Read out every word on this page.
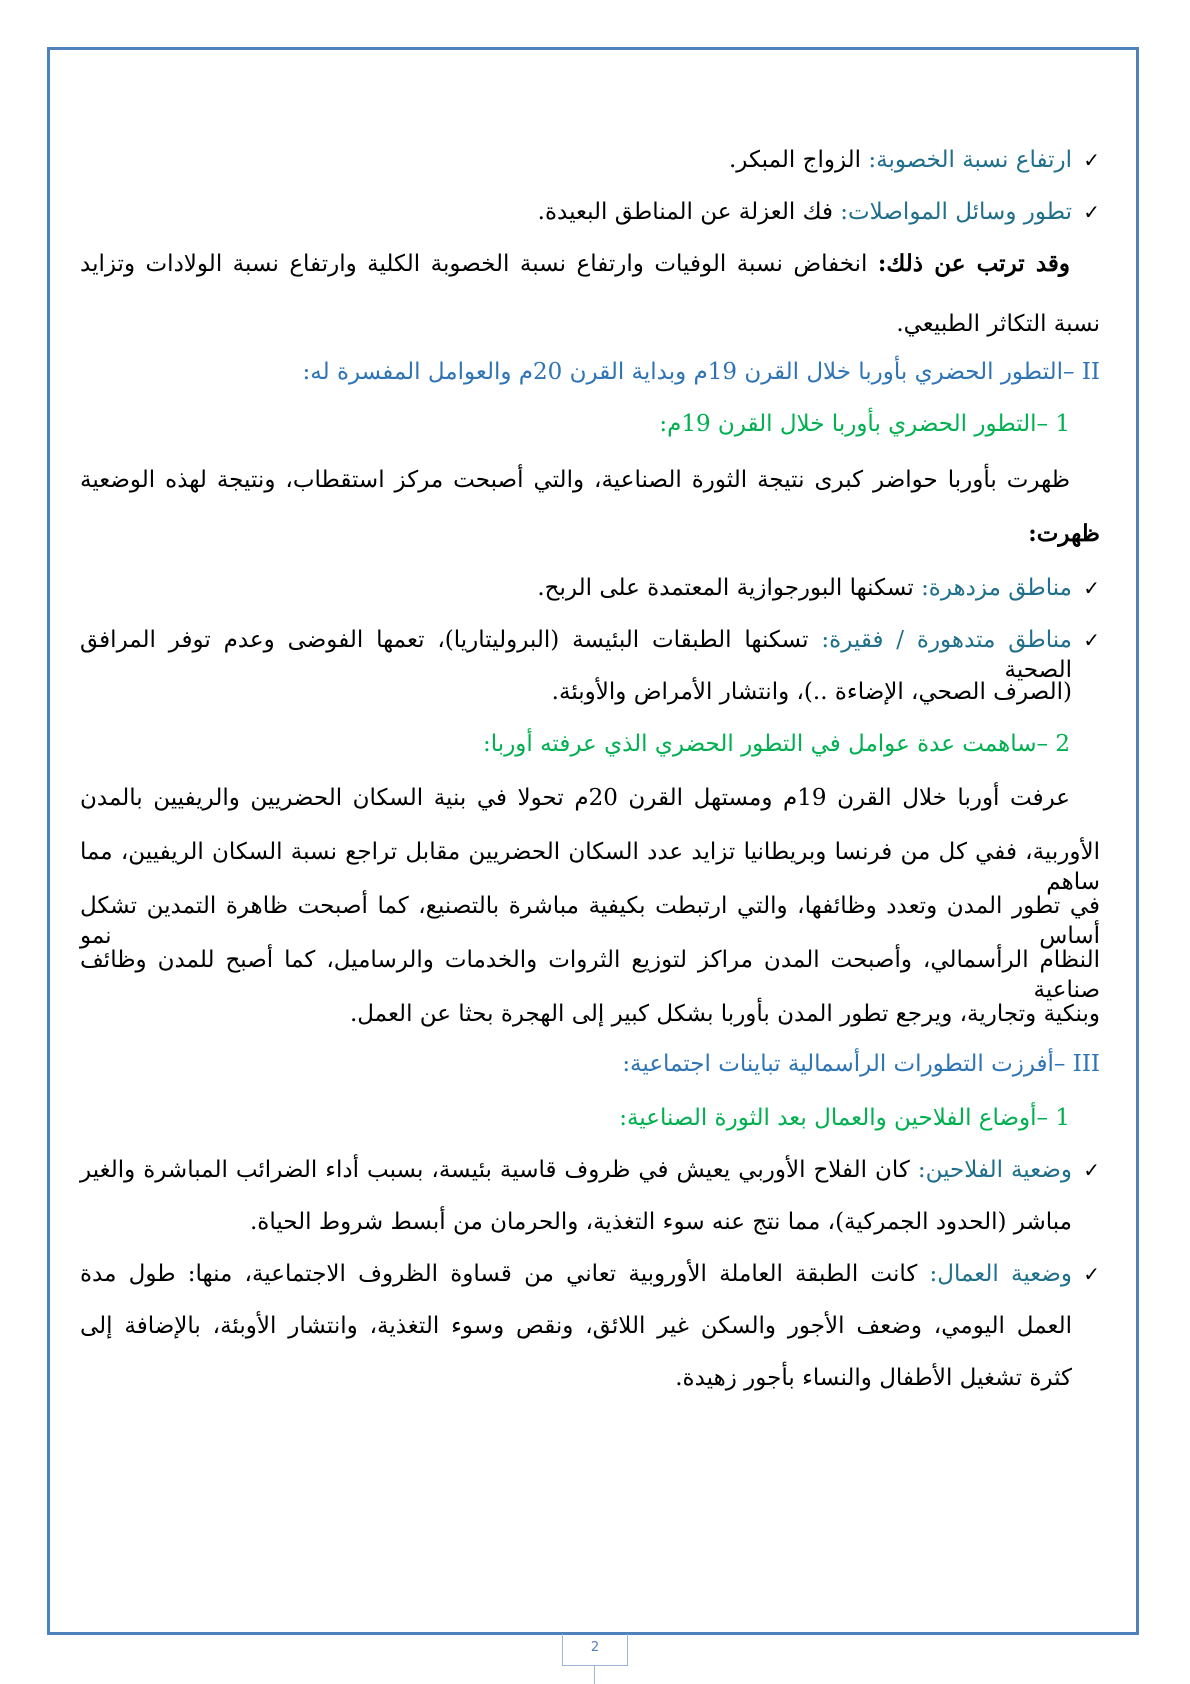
✓
ارتفاع نسبة الخصوبة: الزواج المبكر.
✓
تطور وسائل المواصلات: فك العزلة عن المناطق البعيدة.
وقد ترتب عن ذلك: انخفاض نسبة الوفيات وارتفاع نسبة الخصوبة الكلية وارتفاع نسبة الولادات وتزايد
نسبة التكاثر الطبيعي.
II –التطور الحضري بأوربا خلال القرن 19م وبداية القرن 20م والعوامل المفسرة له:
1 –التطور الحضري بأوربا خلال القرن 19م:
ظهرت بأوربا حواضر كبرى نتيجة الثورة الصناعية، والتي أصبحت مركز استقطاب، ونتيجة لهذه الوضعية
ظهرت:
✓
مناطق مزدهرة: تسكنها البورجوازية المعتمدة على الربح.
✓
مناطق متدهورة / فقيرة: تسكنها الطبقات البئيسة (البروليتاريا)، تعمها الفوضى وعدم توفر المرافق الصحية
(الصرف الصحي، الإضاءة ..)، وانتشار الأمراض والأوبئة.
2 –ساهمت عدة عوامل في التطور الحضري الذي عرفته أوربا:
عرفت أوربا خلال القرن 19م ومستهل القرن 20م تحولا في بنية السكان الحضريين والريفيين بالمدن
الأوربية، ففي كل من فرنسا وبريطانيا تزايد عدد السكان الحضريين مقابل تراجع نسبة السكان الريفيين، مما ساهم
في تطور المدن وتعدد وظائفها، والتي ارتبطت بكيفية مباشرة بالتصنيع، كما أصبحت ظاهرة التمدين تشكل أساس نمو
النظام الرأسمالي، وأصبحت المدن مراكز لتوزيع الثروات والخدمات والرساميل، كما أصبح للمدن وظائف صناعية
وبنكية وتجارية، ويرجع تطور المدن بأوربا بشكل كبير إلى الهجرة بحثا عن العمل.
III –أفرزت التطورات الرأسمالية تباينات اجتماعية:
1 –أوضاع الفلاحين والعمال بعد الثورة الصناعية:
✓
وضعية الفلاحين: كان الفلاح الأوربي يعيش في ظروف قاسية بئيسة، بسبب أداء الضرائب المباشرة والغير
مباشر (الحدود الجمركية)، مما نتج عنه سوء التغذية، والحرمان من أبسط شروط الحياة.
✓
وضعية العمال: كانت الطبقة العاملة الأوروبية تعاني من قساوة الظروف الاجتماعية، منها: طول مدة
العمل اليومي، وضعف الأجور والسكن غير اللائق، ونقص وسوء التغذية، وانتشار الأوبئة، بالإضافة إلى
كثرة تشغيل الأطفال والنساء بأجور زهيدة.
2
